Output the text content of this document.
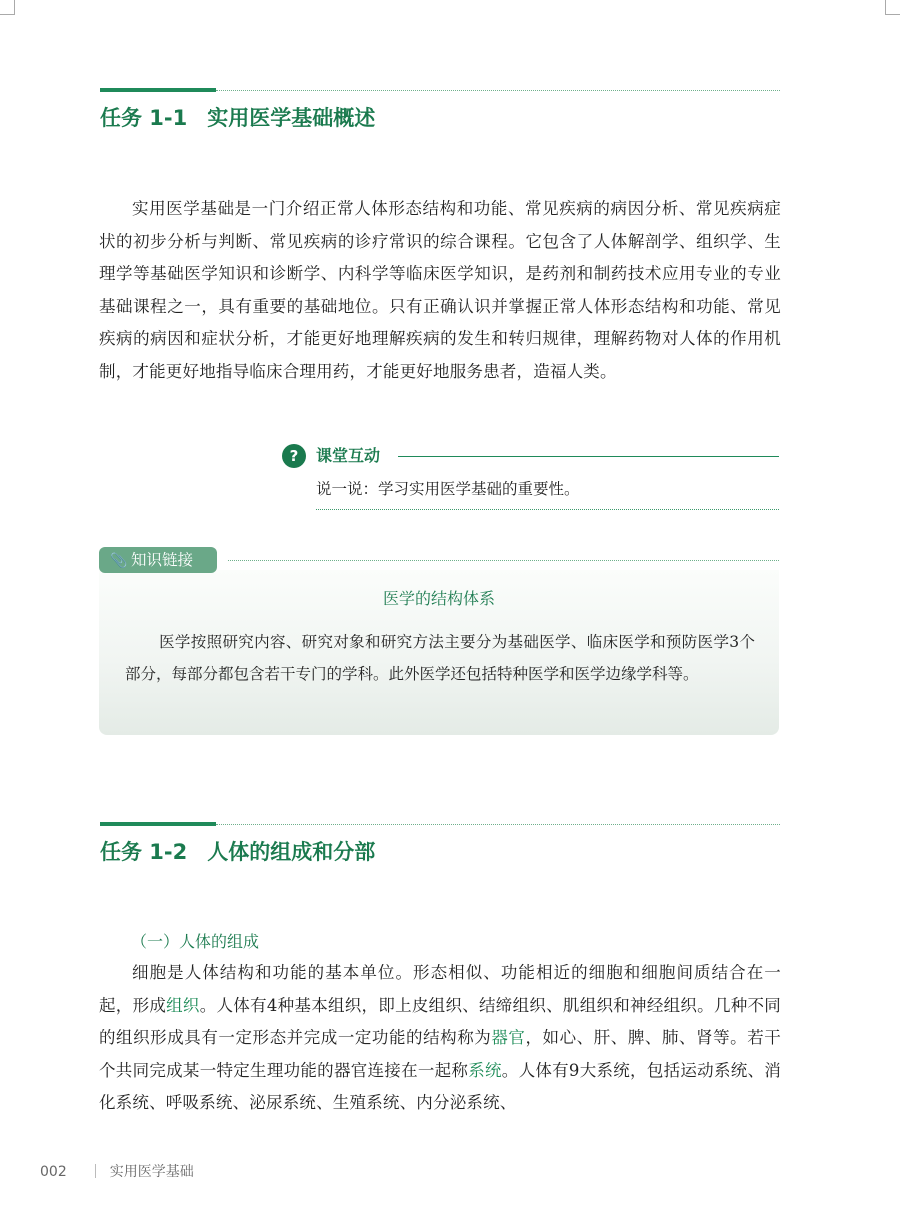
任务 1-1 实用医学基础概述

实用医学基础是一门介绍正常人体形态结构和功能、常见疾病的病因分析、常见疾病症状的初步分析与判断、常见疾病的诊疗常识的综合课程。它包含了人体解剖学、组织学、生理学等基础医学知识和诊断学、内科学等临床医学知识，是药剂和制药技术应用专业的专业基础课程之一，具有重要的基础地位。只有正确认识并掌握正常人体形态结构和功能、常见疾病的病因和症状分析，才能更好地理解疾病的发生和转归规律，理解药物对人体的作用机制，才能更好地指导临床合理用药，才能更好地服务患者，造福人类。

?	课堂互动
说一说：学习实用医学基础的重要性。
📎 知识链接
医学的结构体系

医学按照研究内容、研究对象和研究方法主要分为基础医学、临床医学和预防医学3个部分，每部分都包含若干专门的学科。此外医学还包括特种医学和医学边缘学科等。

任务 1-2 人体的组成和分部
（一）人体的组成

细胞是人体结构和功能的基本单位。形态相似、功能相近的细胞和细胞间质结合在一起，形成组织。人体有4种基本组织，即上皮组织、结缔组织、肌组织和神经组织。几种不同的组织形成具有一定形态并完成一定功能的结构称为器官，如心、肝、脾、肺、肾等。若干个共同完成某一特定生理功能的器官连接在一起称系统。人体有9大系统，包括运动系统、消化系统、呼吸系统、泌尿系统、生殖系统、内分泌系统、

002	实用医学基础
